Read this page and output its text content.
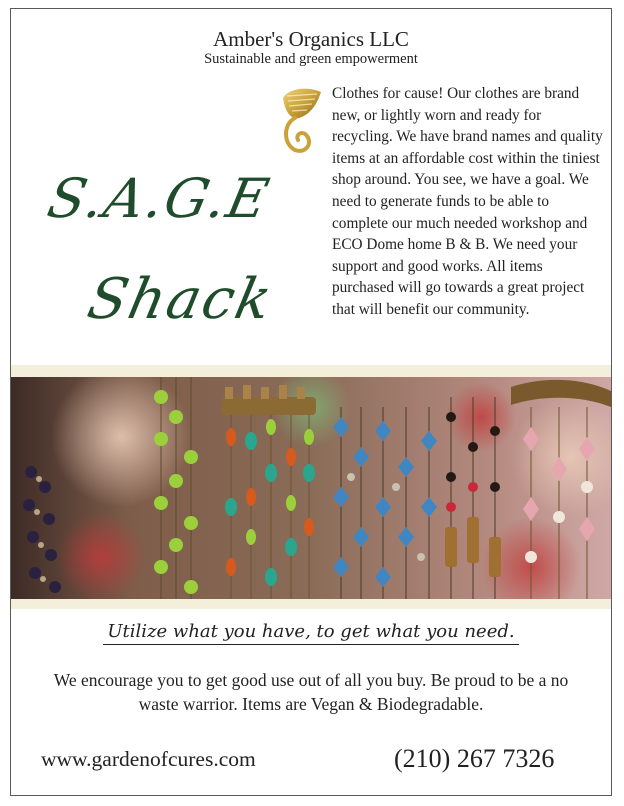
Amber's Organics LLC
Sustainable and green empowerment
S.A.G.E
Shack
Clothes for cause! Our clothes are brand new, or lightly worn and ready for recycling. We have brand names and quality items at an affordable cost within the tiniest shop around. You see, we have a goal. We need to generate funds to be able to complete our much needed workshop and ECO Dome home B & B. We need your support and good works. All items purchased will go towards a great project that will benefit our community.
Utilize what you have, to get what you need.
We encourage you to get good use out of all you buy. Be proud to be a no waste warrior. Items are Vegan & Biodegradable.
www.gardenofcures.com	(210) 267 7326
